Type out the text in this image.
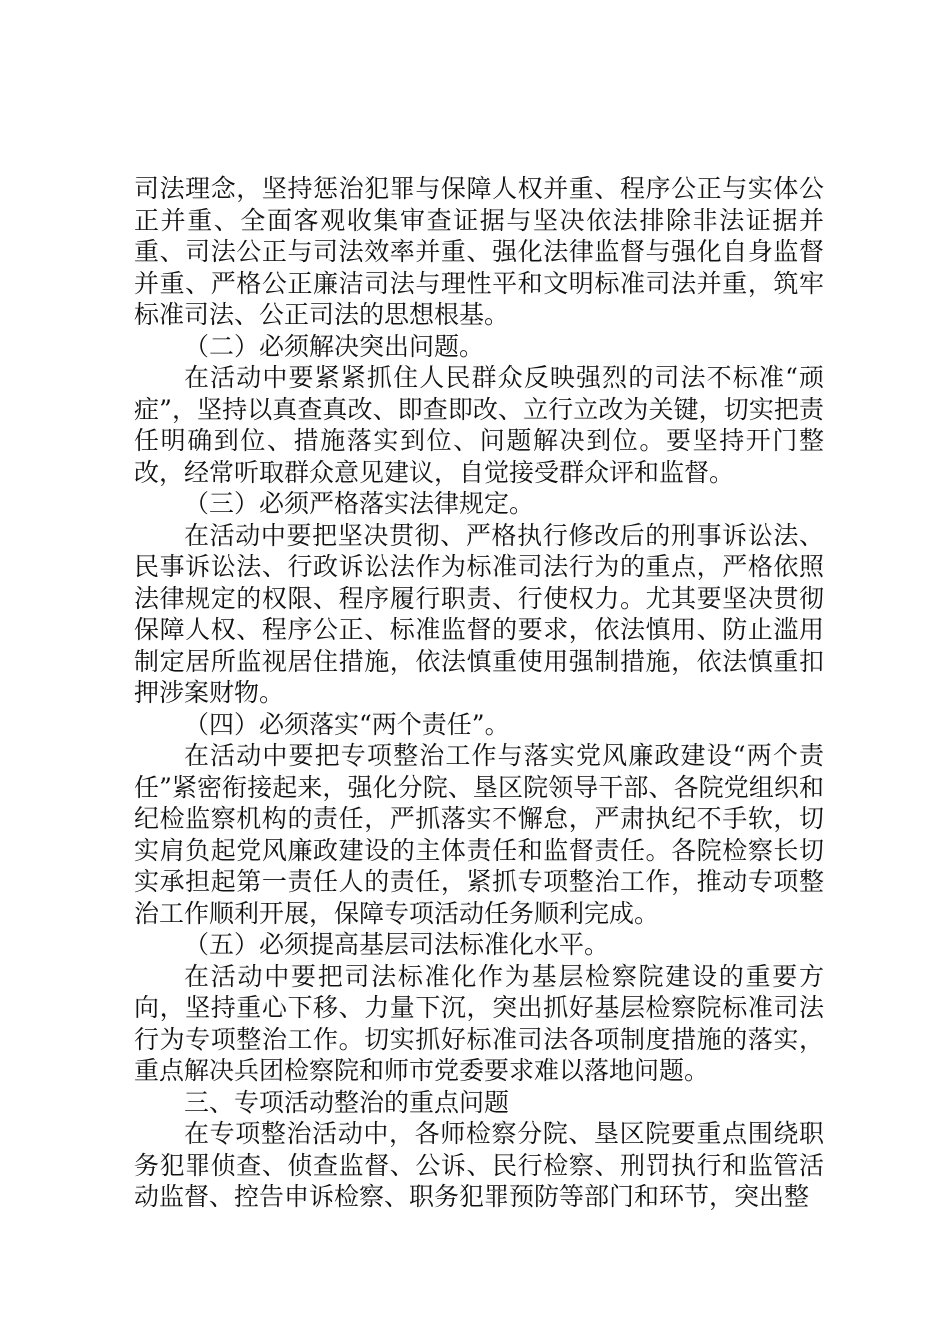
司法理念，坚持惩治犯罪与保障人权并重、程序公正与实体公正并重、全面客观收集审查证据与坚决依法排除非法证据并重、司法公正与司法效率并重、强化法律监督与强化自身监督并重、严格公正廉洁司法与理性平和文明标准司法并重，筑牢标准司法、公正司法的思想根基。

（二）必须解决突出问题。

在活动中要紧紧抓住人民群众反映强烈的司法不标准“顽症”，坚持以真查真改、即查即改、立行立改为关键，切实把责任明确到位、措施落实到位、问题解决到位。要坚持开门整改，经常听取群众意见建议，自觉接受群众评和监督。

（三）必须严格落实法律规定。

在活动中要把坚决贯彻、严格执行修改后的刑事诉讼法、民事诉讼法、行政诉讼法作为标准司法行为的重点，严格依照法律规定的权限、程序履行职责、行使权力。尤其要坚决贯彻保障人权、程序公正、标准监督的要求，依法慎用、防止滥用制定居所监视居住措施，依法慎重使用强制措施，依法慎重扣押涉案财物。

（四）必须落实“两个责任”。

在活动中要把专项整治工作与落实党风廉政建设“两个责任”紧密衔接起来，强化分院、垦区院领导干部、各院党组织和纪检监察机构的责任，严抓落实不懈怠，严肃执纪不手软，切实肩负起党风廉政建设的主体责任和监督责任。各院检察长切实承担起第一责任人的责任，紧抓专项整治工作，推动专项整治工作顺利开展，保障专项活动任务顺利完成。

（五）必须提高基层司法标准化水平。

在活动中要把司法标准化作为基层检察院建设的重要方向，坚持重心下移、力量下沉，突出抓好基层检察院标准司法行为专项整治工作。切实抓好标准司法各项制度措施的落实，重点解决兵团检察院和师市党委要求难以落地问题。

三、专项活动整治的重点问题

在专项整治活动中，各师检察分院、垦区院要重点围绕职务犯罪侦查、侦查监督、公诉、民行检察、刑罚执行和监管活动监督、控告申诉检察、职务犯罪预防等部门和环节，突出整
